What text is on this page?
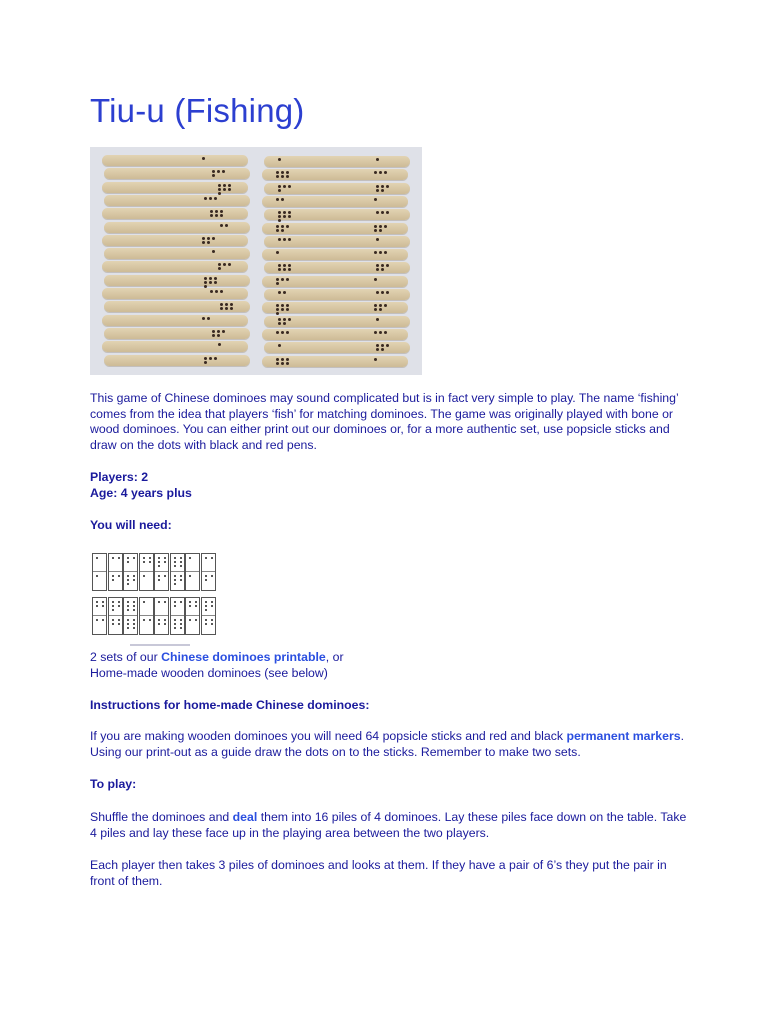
Tiu-u (Fishing)

This game of Chinese dominoes may sound complicated but is in fact very simple to play. The name ‘fishing’ comes from the idea that players ‘fish’ for matching dominoes. The game was originally played with bone or wood dominoes. You can either print out our dominoes or, for a more authentic set, use popsicle sticks and draw on the dots with black and red pens.

Players: 2

Age: 4 years plus

You will need:

2 sets of our Chinese dominoes printable, or

Home-made wooden dominoes (see below)

Instructions for home-made Chinese dominoes:

If you are making wooden dominoes you will need 64 popsicle sticks and red and black permanent markers. Using our print-out as a guide draw the dots on to the sticks. Remember to make two sets.

To play:

Shuffle the dominoes and deal them into 16 piles of 4 dominoes. Lay these piles face down on the table. Take 4 piles and lay these face up in the playing area between the two players.

Each player then takes 3 piles of dominoes and looks at them. If they have a pair of 6’s they put the pair in front of them.
